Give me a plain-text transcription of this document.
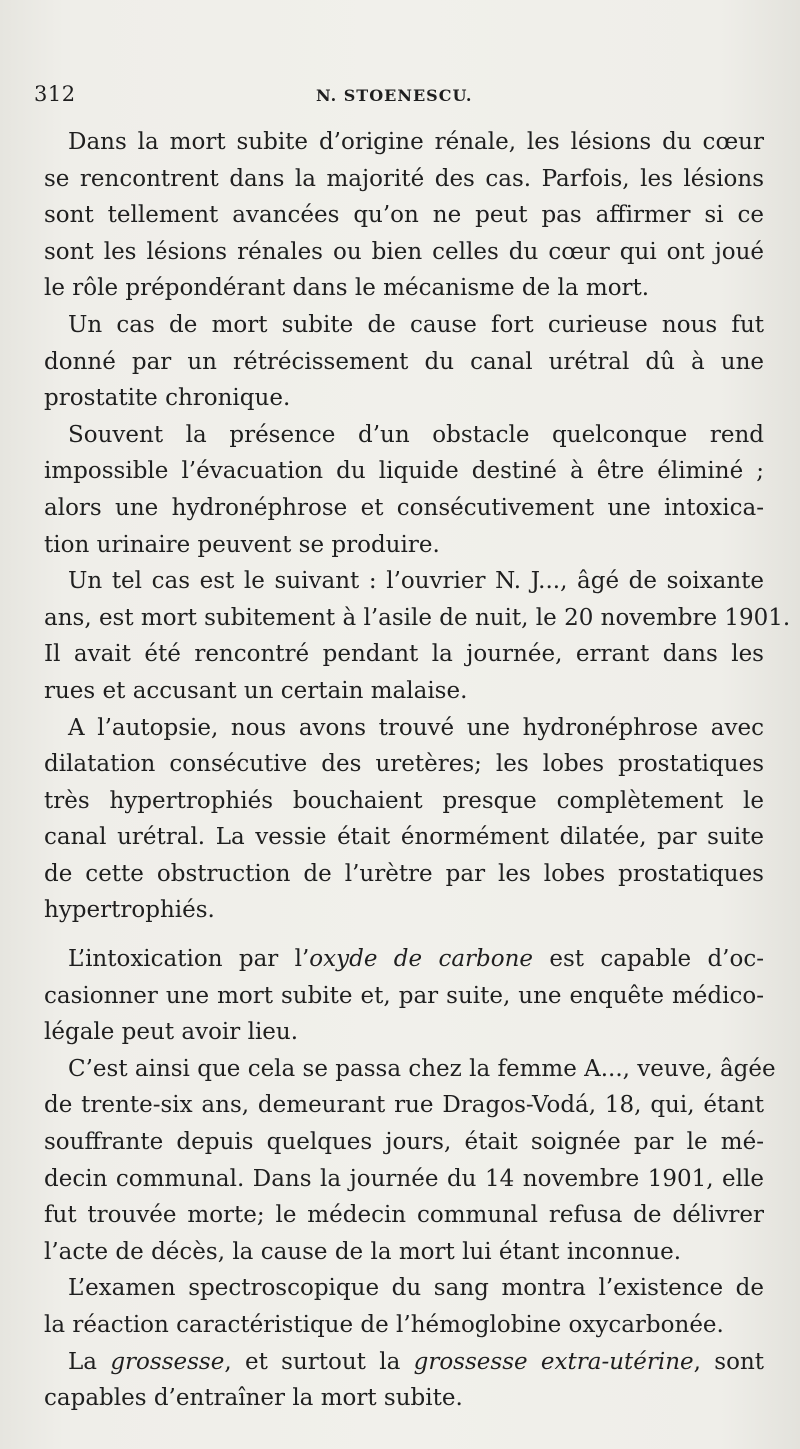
312	N. STOENESCU.
Dans la mort subite d’origine rénale, les lésions du cœur
se rencontrent dans la majorité des cas. Parfois, les lésions
sont tellement avancées qu’on ne peut pas affirmer si ce
sont les lésions rénales ou bien celles du cœur qui ont joué
le rôle prépondérant dans le mécanisme de la mort.
Un cas de mort subite de cause fort curieuse nous fut
donné par un rétrécissement du canal urétral dû à une
prostatite chronique.
Souvent la présence d’un obstacle quelconque rend
impossible l’évacuation du liquide destiné à être éliminé ;
alors une hydronéphrose et consécutivement une intoxica-
tion urinaire peuvent se produire.
Un tel cas est le suivant : l’ouvrier N. J..., âgé de soixante
ans, est mort subitement à l’asile de nuit, le 20 novembre 1901.
Il avait été rencontré pendant la journée, errant dans les
rues et accusant un certain malaise.
A l’autopsie, nous avons trouvé une hydronéphrose avec
dilatation consécutive des uretères; les lobes prostatiques
très hypertrophiés bouchaient presque complètement le
canal urétral. La vessie était énormément dilatée, par suite
de cette obstruction de l’urètre par les lobes prostatiques
hypertrophiés.
L’intoxication par l’oxyde de carbone est capable d’oc-
casionner une mort subite et, par suite, une enquête médico-
légale peut avoir lieu.
C’est ainsi que cela se passa chez la femme A..., veuve, âgée
de trente-six ans, demeurant rue Dragos-Vodá, 18, qui, étant
souffrante depuis quelques jours, était soignée par le mé-
decin communal. Dans la journée du 14 novembre 1901, elle
fut trouvée morte; le médecin communal refusa de délivrer
l’acte de décès, la cause de la mort lui étant inconnue.
L’examen spectroscopique du sang montra l’existence de
la réaction caractéristique de l’hémoglobine oxycarbonée.
La grossesse, et surtout la grossesse extra-utérine, sont
capables d’entraîner la mort subite.
